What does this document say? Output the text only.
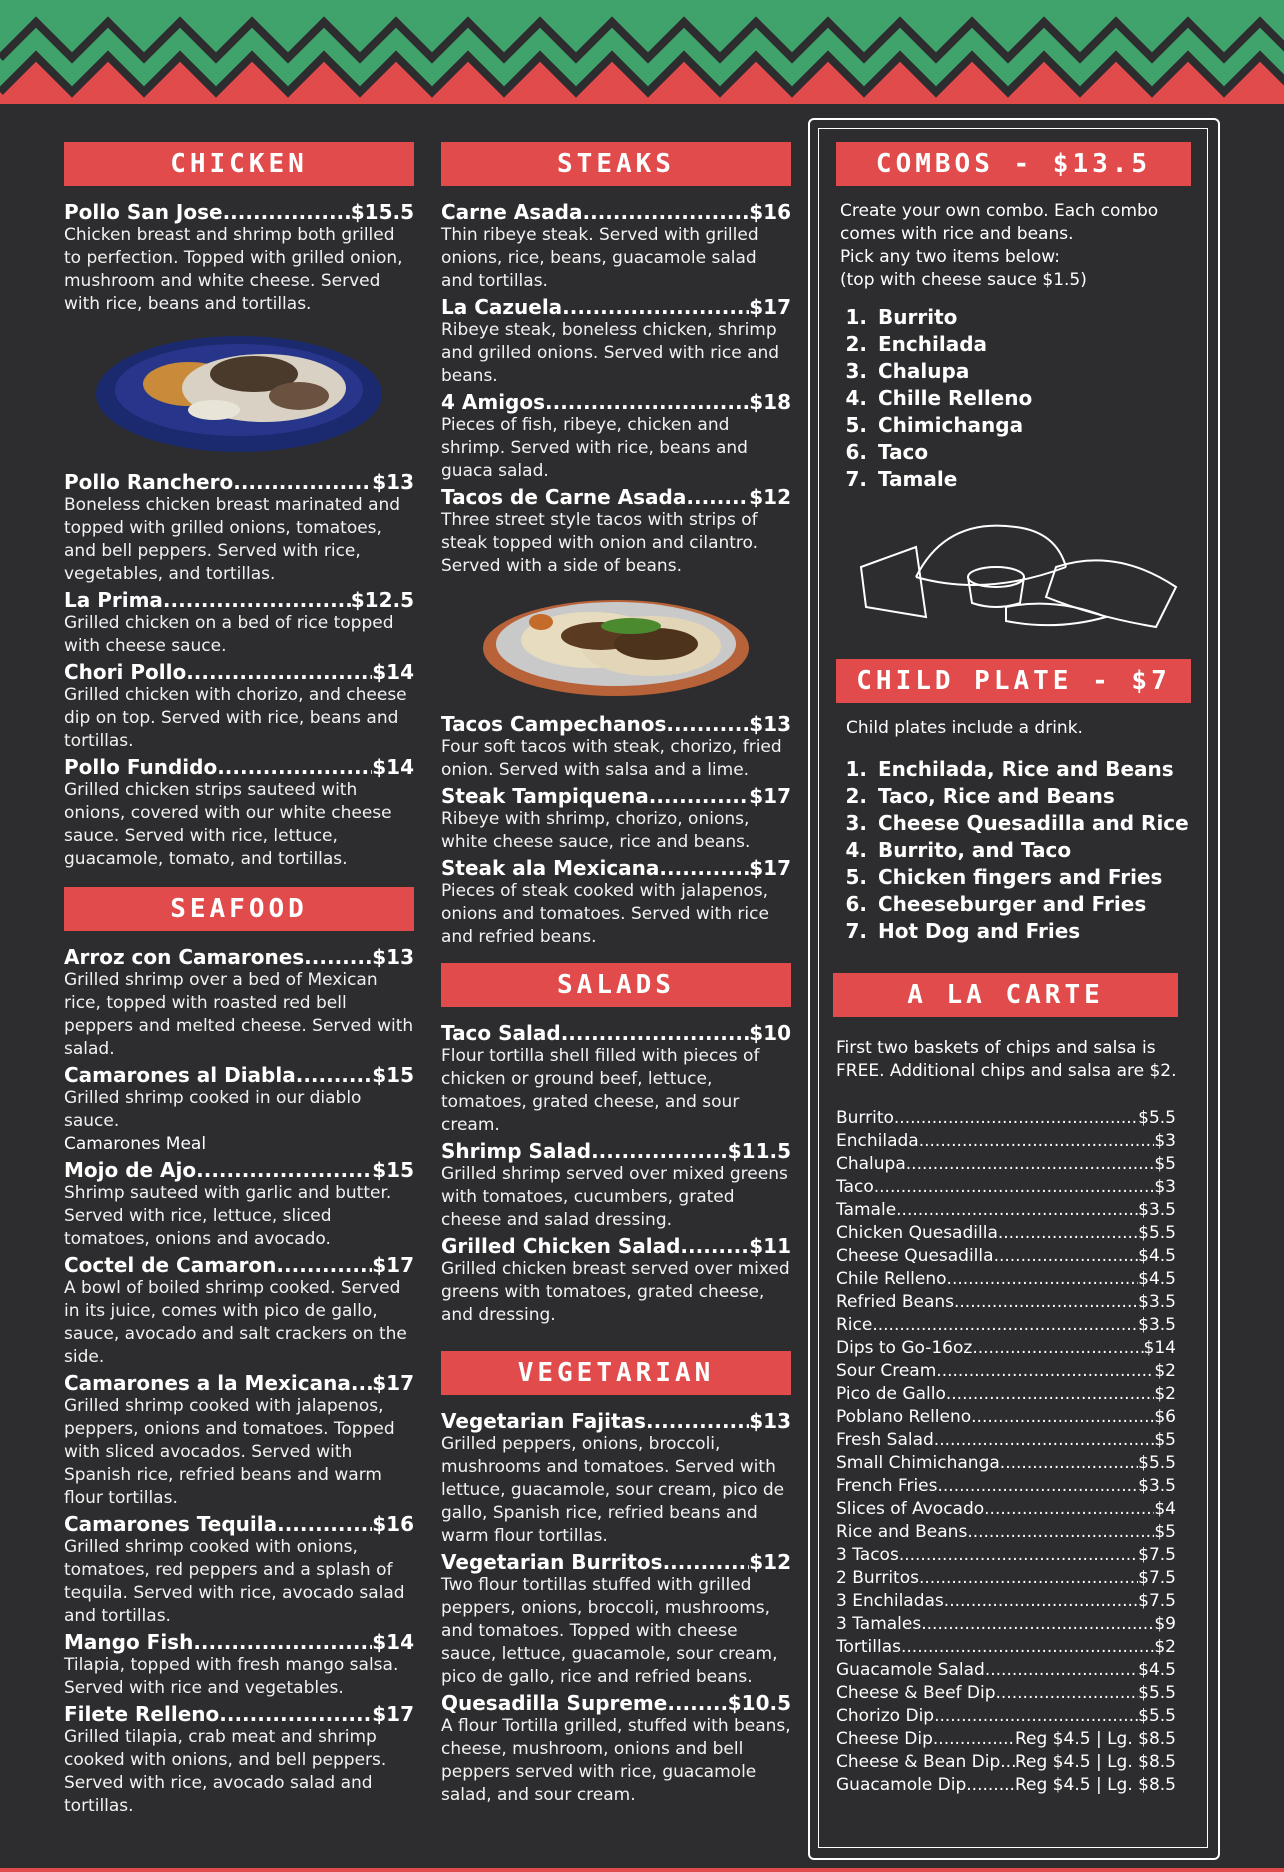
CHICKEN
Pollo San Jose .....	$15.5
Chicken breast and shrimp both grilled to perfection. Topped with grilled onion, mushroom and white cheese. Served with rice, beans and tortillas.
Pollo Ranchero .....	$13
Boneless chicken breast marinated and topped with grilled onions, tomatoes, and bell peppers. Served with rice, vegetables, and tortillas.
La Prima .....	$12.5
Grilled chicken on a bed of rice topped with cheese sauce.
Chori Pollo .....	$14
Grilled chicken with chorizo, and cheese dip on top. Served with rice, beans and tortillas.
Pollo Fundido .....	$14
Grilled chicken strips sauteed with onions, covered with our white cheese sauce. Served with rice, lettuce, guacamole, tomato, and tortillas.
SEAFOOD
Arroz con Camarones .....	$13
Grilled shrimp over a bed of Mexican rice, topped with roasted red bell peppers and melted cheese. Served with salad.
Camarones al Diabla .....	$15
Grilled shrimp cooked in our diablo sauce.
Camarones Meal
Mojo de Ajo .....	$15
Shrimp sauteed with garlic and butter. Served with rice, lettuce, sliced tomatoes, onions and avocado.
Coctel de Camaron .....	$17
A bowl of boiled shrimp cooked. Served in its juice, comes with pico de gallo, sauce, avocado and salt crackers on the side.
Camarones a la Mexicana ..... $17
Grilled shrimp cooked with jalapenos, peppers, onions and tomatoes. Topped with sliced avocados. Served with Spanish rice, refried beans and warm flour tortillas.
Camarones Tequila .....	$16
Grilled shrimp cooked with onions, tomatoes, red peppers and a splash of tequila. Served with rice, avocado salad and tortillas.
Mango Fish .....	$14
Tilapia, topped with fresh mango salsa. Served with rice and vegetables.
Filete Relleno .....	$17
Grilled tilapia, crab meat and shrimp cooked with onions, and bell peppers. Served with rice, avocado salad and tortillas.
STEAKS
Carne Asada .....	$16
Thin ribeye steak. Served with grilled onions, rice, beans, guacamole salad and tortillas.
La Cazuela .....	$17
Ribeye steak, boneless chicken, shrimp and grilled onions. Served with rice and beans.
4 Amigos .....	$18
Pieces of fish, ribeye, chicken and shrimp. Served with rice, beans and guaca salad.
Tacos de Carne Asada .....	$12
Three street style tacos with strips of steak topped with onion and cilantro. Served with a side of beans.
Tacos Campechanos .....	$13
Four soft tacos with steak, chorizo, fried onion. Served with salsa and a lime.
Steak Tampiquena .....	$17
Ribeye with shrimp, chorizo, onions, white cheese sauce, rice and beans.
Steak ala Mexicana .....	$17
Pieces of steak cooked with jalapenos, onions and tomatoes. Served with rice and refried beans.
SALADS
Taco Salad .....	$10
Flour tortilla shell filled with pieces of chicken or ground beef, lettuce, tomatoes, grated cheese, and sour cream.
Shrimp Salad .....	$11.5
Grilled shrimp served over mixed greens with tomatoes, cucumbers, grated cheese and salad dressing.
Grilled Chicken Salad .....	$11
Grilled chicken breast served over mixed greens with tomatoes, grated cheese, and dressing.
VEGETARIAN
Vegetarian Fajitas .....	$13
Grilled peppers, onions, broccoli, mushrooms and tomatoes. Served with lettuce, guacamole, sour cream, pico de gallo, Spanish rice, refried beans and warm flour tortillas.
Vegetarian Burritos .....	$12
Two flour tortillas stuffed with grilled peppers, onions, broccoli, mushrooms, and tomatoes. Topped with cheese sauce, lettuce, guacamole, sour cream, pico de gallo, rice and refried beans.
Quesadilla Supreme .....	$10.5
A flour Tortilla grilled, stuffed with beans, cheese, mushroom, onions and bell peppers served with rice, guacamole salad, and sour cream.
COMBOS - $13.5
Create your own combo. Each combo comes with rice and beans.
Pick any two items below:
(top with cheese sauce $1.5)
1. Burrito
2. Enchilada
3. Chalupa
4. Chille Relleno
5. Chimichanga
6. Taco
7. Tamale
CHILD PLATE - $7
Child plates include a drink.
1. Enchilada, Rice and Beans
2. Taco, Rice and Beans
3. Cheese Quesadilla and Rice
4. Burrito, and Taco
5. Chicken fingers and Fries
6. Cheeseburger and Fries
7. Hot Dog and Fries
A LA CARTE
First two baskets of chips and salsa is FREE. Additional chips and salsa are $2.
Burrito .....	$5.5
Enchilada .....	$3
Chalupa .....	$5
Taco .....	$3
Tamale .....	$3.5
Chicken Quesadilla .....	$5.5
Cheese Quesadilla .....	$4.5
Chile Relleno .....	$4.5
Refried Beans .....	$3.5
Rice .....	$3.5
Dips to Go-16oz .....	$14
Sour Cream .....	$2
Pico de Gallo .....	$2
Poblano Relleno .....	$6
Fresh Salad .....	$5
Small Chimichanga .....	$5.5
French Fries .....	$3.5
Slices of Avocado .....	$4
Rice and Beans .....	$5
3 Tacos .....	$7.5
2 Burritos .....	$7.5
3 Enchiladas .....	$7.5
3 Tamales .....	$9
Tortillas .....	$2
Guacamole Salad .....	$4.5
Cheese & Beef Dip .....	$5.5
Chorizo Dip .....	$5.5
Cheese Dip .....	Reg $4.5 | Lg. $8.5
Cheese & Bean Dip ..... Reg $4.5 | Lg. $8.5
Guacamole Dip .....	Reg $4.5 | Lg. $8.5
